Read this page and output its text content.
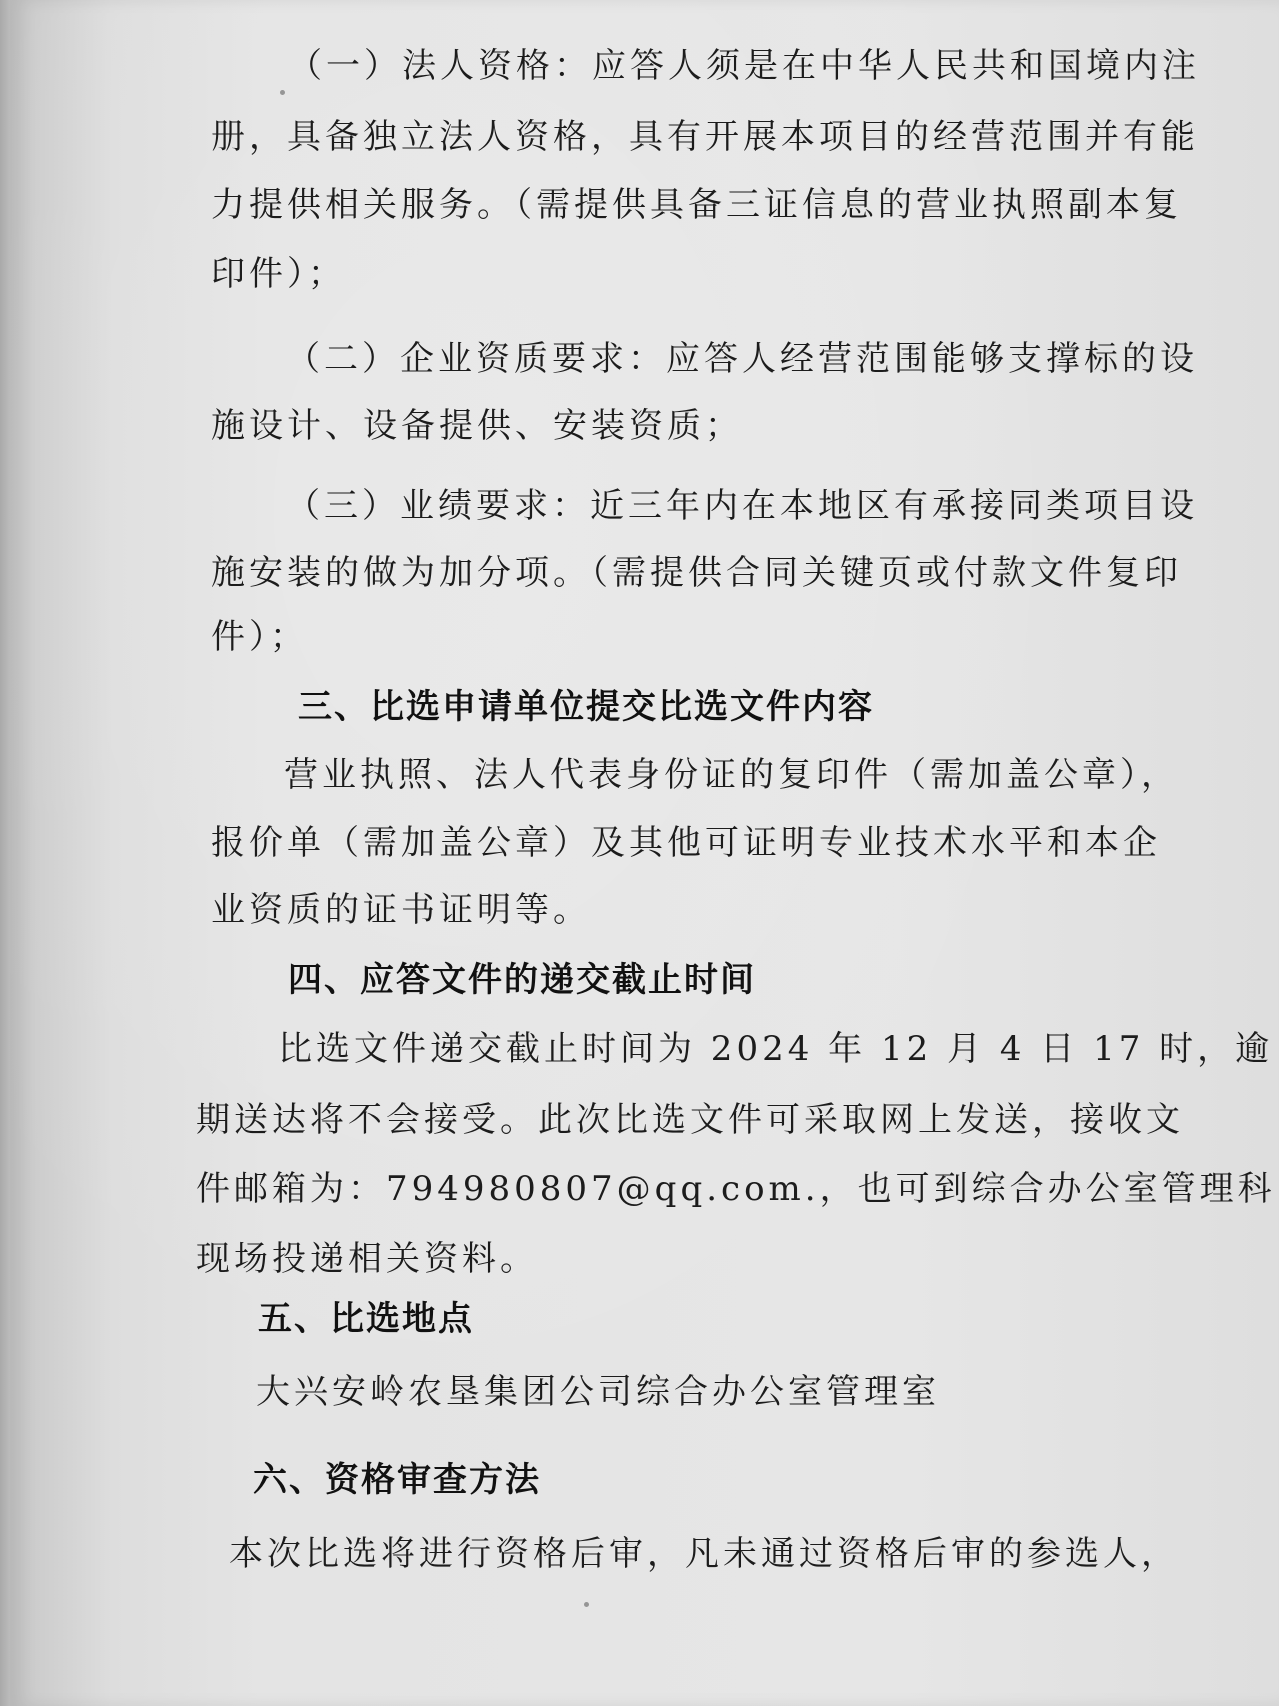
（一）法人资格：应答人须是在中华人民共和国境内注
册，具备独立法人资格，具有开展本项目的经营范围并有能
力提供相关服务。（需提供具备三证信息的营业执照副本复
印件）；
（二）企业资质要求：应答人经营范围能够支撑标的设
施设计、设备提供、安装资质；
（三）业绩要求：近三年内在本地区有承接同类项目设
施安装的做为加分项。（需提供合同关键页或付款文件复印
件）；
三、比选申请单位提交比选文件内容
营业执照、法人代表身份证的复印件（需加盖公章），
报价单（需加盖公章）及其他可证明专业技术水平和本企
业资质的证书证明等。
四、应答文件的递交截止时间
比选文件递交截止时间为 2024 年 12 月 4 日 17 时，逾
期送达将不会接受。此次比选文件可采取网上发送，接收文
件邮箱为：794980807@qq.com.，也可到综合办公室管理科
现场投递相关资料。
五、比选地点
大兴安岭农垦集团公司综合办公室管理室
六、资格审查方法
本次比选将进行资格后审，凡未通过资格后审的参选人，
